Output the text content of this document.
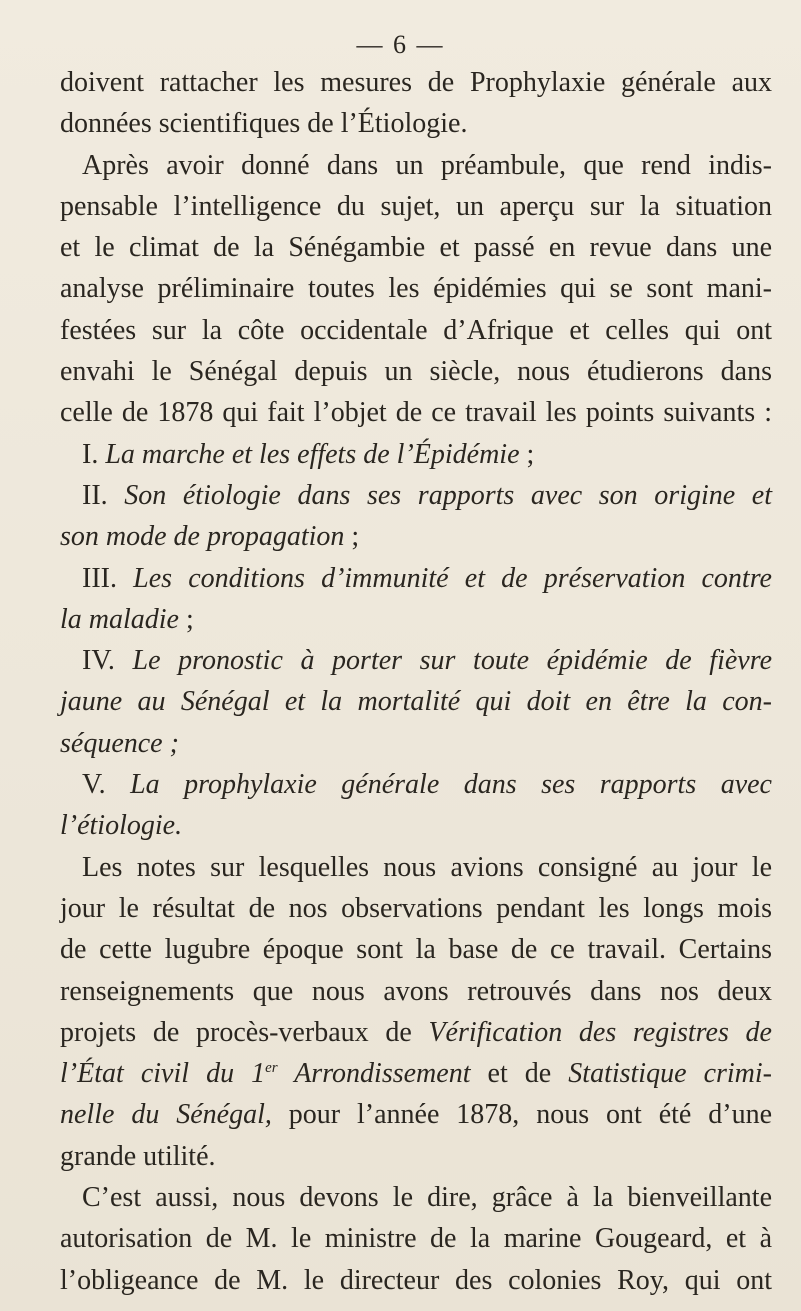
— 6 —
doivent rattacher les mesures de Prophylaxie générale aux
données scientifiques de l’Étiologie.
Après avoir donné dans un préambule, que rend indis-
pensable l’intelligence du sujet, un aperçu sur la situation
et le climat de la Sénégambie et passé en revue dans une
analyse préliminaire toutes les épidémies qui se sont mani-
festées sur la côte occidentale d’Afrique et celles qui ont
envahi le Sénégal depuis un siècle, nous étudierons dans
celle de 1878 qui fait l’objet de ce travail les points suivants :
I. La marche et les effets de l’Épidémie ;
II. Son étiologie dans ses rapports avec son origine et
son mode de propagation ;
III. Les conditions d’immunité et de préservation contre
la maladie ;
IV. Le pronostic à porter sur toute épidémie de fièvre
jaune au Sénégal et la mortalité qui doit en être la con-
séquence ;
V. La prophylaxie générale dans ses rapports avec
l’étiologie.
Les notes sur lesquelles nous avions consigné au jour le
jour le résultat de nos observations pendant les longs mois
de cette lugubre époque sont la base de ce travail. Certains
renseignements que nous avons retrouvés dans nos deux
projets de procès-verbaux de Vérification des registres de
l’État civil du 1er Arrondissement et de Statistique crimi-
nelle du Sénégal, pour l’année 1878, nous ont été d’une
grande utilité.
C’est aussi, nous devons le dire, grâce à la bienveillante
autorisation de M. le ministre de la marine Gougeard, et à
l’obligeance de M. le directeur des colonies Roy, qui ont
